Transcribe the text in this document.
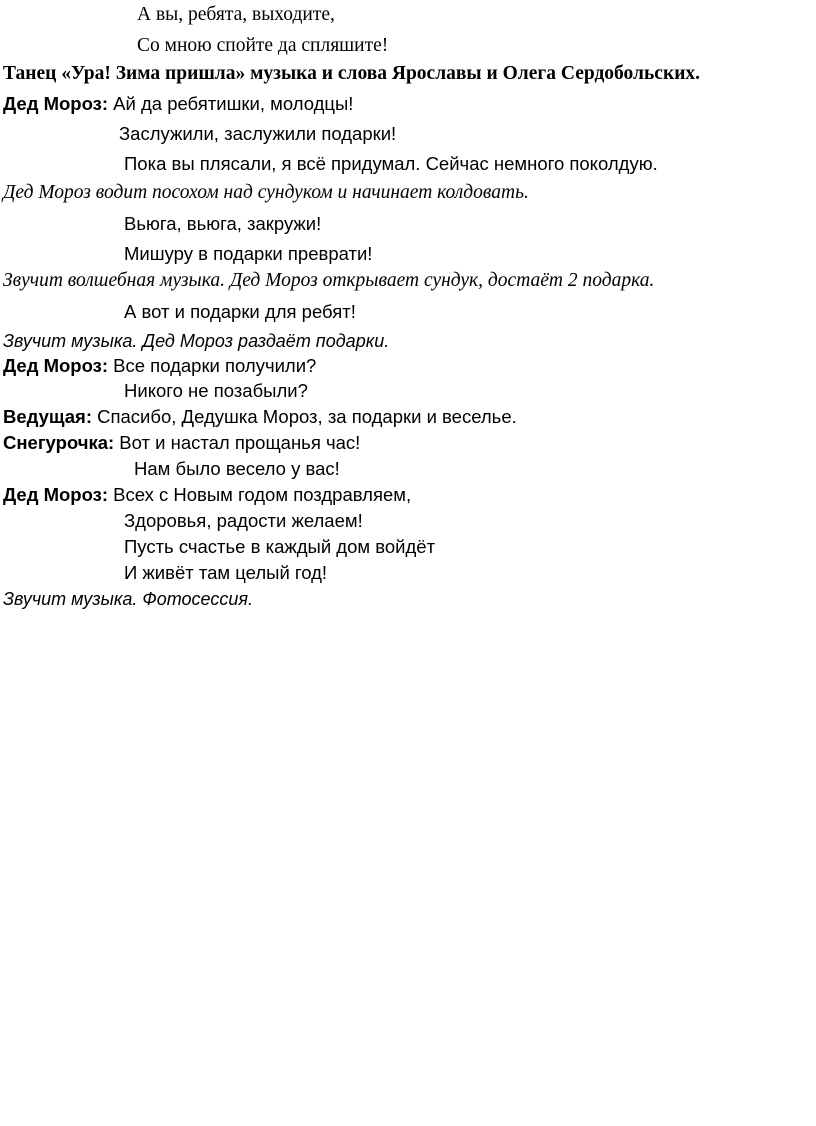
А вы, ребята, выходите,
Со мною спойте да спляшите!
Танец «Ура! Зима пришла» музыка и слова Ярославы и Олега Сердобольских.
Дед Мороз: Ай да ребятишки, молодцы!
Заслужили, заслужили подарки!
Пока вы плясали, я всё придумал. Сейчас немного поколдую.
Дед Мороз водит посохом над сундуком и начинает колдовать.
Вьюга, вьюга, закружи!
Мишуру в подарки преврати!
Звучит волшебная музыка. Дед Мороз открывает сундук, достаёт 2 подарка.
А вот и подарки для ребят!
Звучит музыка. Дед Мороз раздаёт подарки.
Дед Мороз: Все подарки получили?
Никого не позабыли?
Ведущая: Спасибо, Дедушка Мороз, за подарки и веселье.
Снегурочка: Вот и настал прощанья час!
Нам было весело у вас!
Дед Мороз: Всех с Новым годом поздравляем,
Здоровья, радости желаем!
Пусть счастье в каждый дом войдёт
И живёт там целый год!
Звучит музыка. Фотосессия.
